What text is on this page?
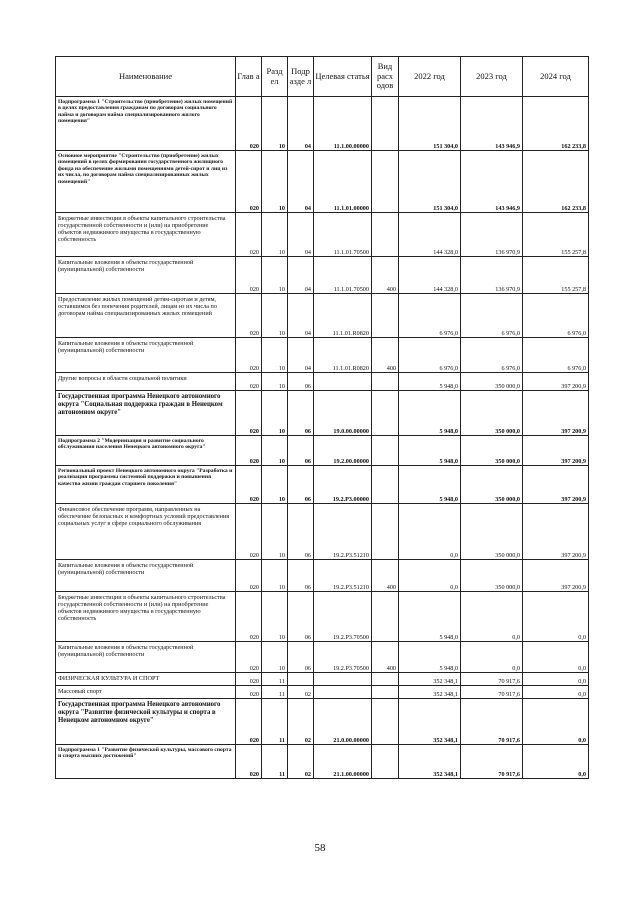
Наименование	Глав а	Разд ел	Подр азде л	Целевая статья	Вид расх одов	2022 год	2023 год	2024 год
Подпрограмма 1 "Строительство (приобретение) жилых помещений в целях предоставления гражданам по договорам социального найма и договорам найма специализированного жилого помещения"	020	10	04	11.1.00.00000		151 304,0	143 946,9	162 233,8
Основное мероприятие "Строительство (приобретение) жилых помещений в целях формирования государственного жилищного фонда на обеспечение жилыми помещениями детей-сирот и лиц из их числа, по договорам найма специализированных жилых помещений"	020	10	04	11.1.01.00000		151 304,0	143 946,9	162 233,8
Бюджетные инвестиции в объекты капитального строительства государственной собственности и (или) на приобретение объектов недвижимого имущества в государственную собственность	020	10	04	11.1.01.70500		144 328,0	136 970,9	155 257,8
Капитальные вложения в объекты государственной (муниципальной) собственности	020	10	04	11.1.01.70500	400	144 328,0	136 970,9	155 257,8
Предоставление жилых помещений детям-сиротам и детям, оставшимся без попечения родителей, лицам из их числа по договорам найма специализированных жилых помещений	020	10	04	11.1.01.R0820		6 976,0	6 976,0	6 976,0
Капитальные вложения в объекты государственной (муниципальной) собственности	020	10	04	11.1.01.R0820	400	6 976,0	6 976,0	6 976,0
Другие вопросы в области социальной политики	020	10	06			5 948,0	350 000,0	397 200,9
Государственная программа Ненецкого автономного округа "Социальная поддержка граждан в Ненецком автономном округе"	020	10	06	19.0.00.00000		5 948,0	350 000,0	397 200,9
Подпрограмма 2 "Модернизация и развитие социального обслуживания населения Ненецкого автономного округа"	020	10	06	19.2.00.00000		5 948,0	350 000,0	397 200,9
Региональный проект Ненецкого автономного округа "Разработка и реализация программы системной поддержки и повышения качества жизни граждан старшего поколения"	020	10	06	19.2.P3.00000		5 948,0	350 000,0	397 200,9
Финансовое обеспечение программ, направленных на обеспечение безопасных и комфортных условий предоставления социальных услуг в сфере социального обслуживания	020	10	06	19.2.P3.51210		0,0	350 000,0	397 200,9
Капитальные вложения в объекты государственной (муниципальной) собственности	020	10	06	19.2.P3.51210	400	0,0	350 000,0	397 200,9
Бюджетные инвестиции в объекты капитального строительства государственной собственности и (или) на приобретение объектов недвижимого имущества в государственную собственность	020	10	06	19.2.P3.70500		5 948,0	0,0	0,0
Капитальные вложения в объекты государственной (муниципальной) собственности	020	10	06	19.2.P3.70500	400	5 948,0	0,0	0,0
ФИЗИЧЕСКАЯ КУЛЬТУРА И СПОРТ	020	11				352 348,1	70 917,6	0,0
Массовый спорт	020	11	02			352 348,1	70 917,6	0,0
Государственная программа Ненецкого автономного округа "Развитие физической культуры и спорта в Ненецком автономном округе"	020	11	02	21.0.00.00000		352 348,1	70 917,6	0,0
Подпрограмма 1 "Развитие физической культуры, массового спорта и спорта высших достижений"	020	11	02	21.1.00.00000		352 348,1	70 917,6	0,0
58
